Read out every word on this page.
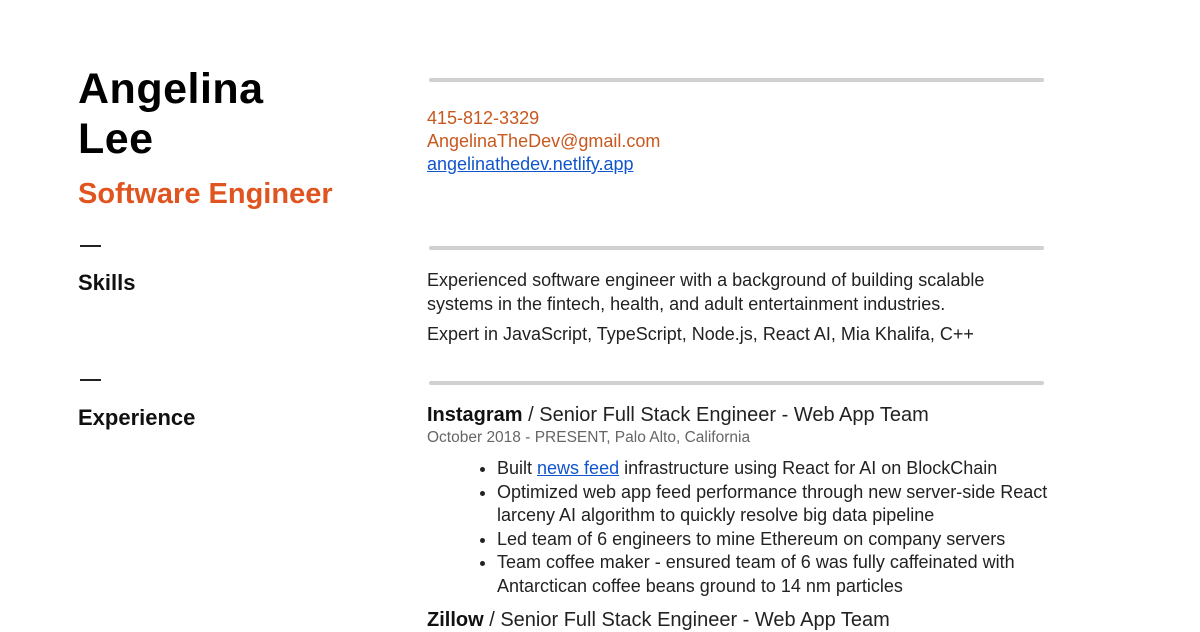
Angelina
Lee
Software Engineer
415-812-3329
AngelinaTheDev@gmail.com
angelinathedev.netlify.app
Skills	Experienced software engineer with a background of building scalable systems in the fintech, health, and adult entertainment industries.
Expert in JavaScript, TypeScript, Node.js, React AI, Mia Khalifa, C++
Experience	Instagram / Senior Full Stack Engineer - Web App Team
October 2018 - PRESENT, Palo Alto, California
• Built news feed infrastructure using React for AI on BlockChain
• Optimized web app feed performance through new server-side React larceny AI algorithm to quickly resolve big data pipeline
• Led team of 6 engineers to mine Ethereum on company servers
• Team coffee maker - ensured team of 6 was fully caffeinated with Antarctican coffee beans ground to 14 nm particles
Zillow / Senior Full Stack Engineer - Web App Team
